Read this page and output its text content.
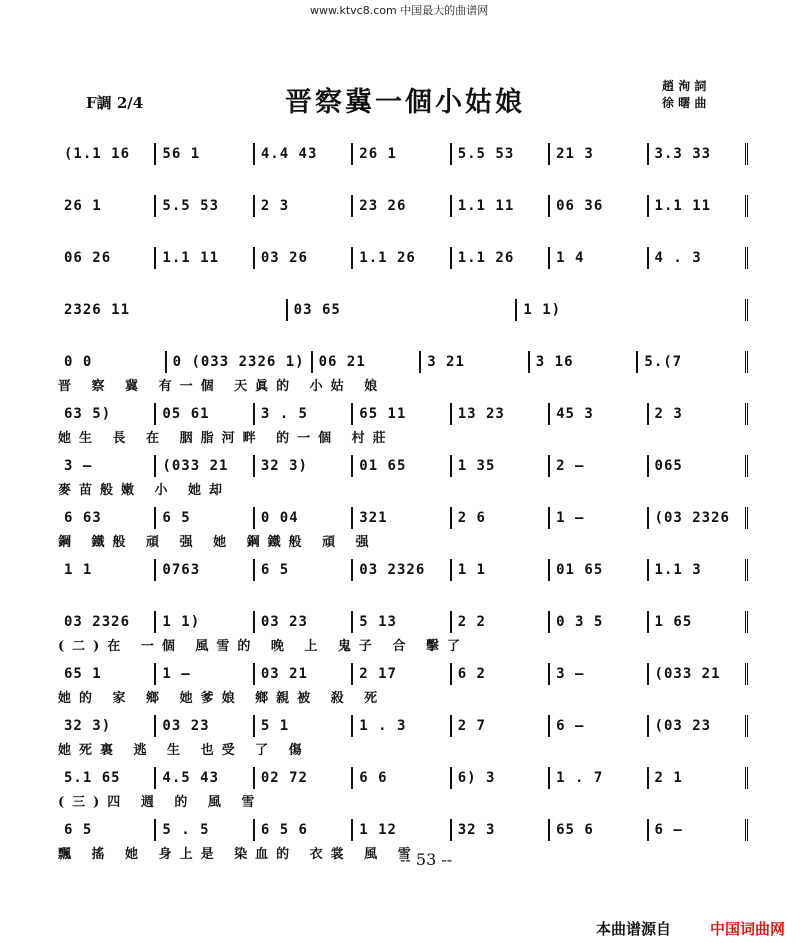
www.ktvc8.com 中国最大的曲谱网
F調 2/4	晋察冀一個小姑娘
趙 洵 詞
徐 曙 曲
(1.1 16	56 1	4.4 43	26 1	5.5 53	21 3	3.3 33
26 1	5.5 53	2 3	23 26	1.1 11	06 36	1.1 11
06 26	1.1 11	03 26	1.1 26	1.1 26	1 4	4 . 3
2326 11	03 65	1 1)
0 0	0 (033 2326 1)	06 21	3 21	3 16	5.(7
晋 察 冀 有一個 天眞的 小姑 娘
63 5)	05 61	3 . 5	65 11	13 23	45 3	2 3
她生 長 在 胭脂河畔 的一個 村莊
3 —	(033 21	32 3)	01 65	1 35	2 —	065
麥苗般嫩 小 她却
6 63	6 5	0 04	321	2 6	1 —	(03 2326
鋼 鐵般 頑 强 她 鋼鐵般 頑 强
1 1	0763	6 5	03 2326	1 1	01 65	1.1 3
03 2326	1 1)	03 23	5 13	2 2	0 3 5	1 65
(二)在 一個 風雪的 晚 上 鬼子 合 擊了
65 1	1 —	03 21	2 17	6 2	3 —	(033 21
她的 家 鄉 她爹娘 鄉親被 殺 死
32 3)	03 23	5 1	1 . 3	2 7	6 —	(03 23
她死裏 逃 生 也受 了 傷
5.1 65	4.5 43	02 72	6 6	6) 3	1 . 7	2 1
(三)四 週 的 風 雪
6 5	5 . 5	6 5 6	1 12	32 3	65 6	6 —
飄 搖 她 身上是 染血的 衣裳 風 雪
-- 53 --
本曲谱源自	中国词曲网
